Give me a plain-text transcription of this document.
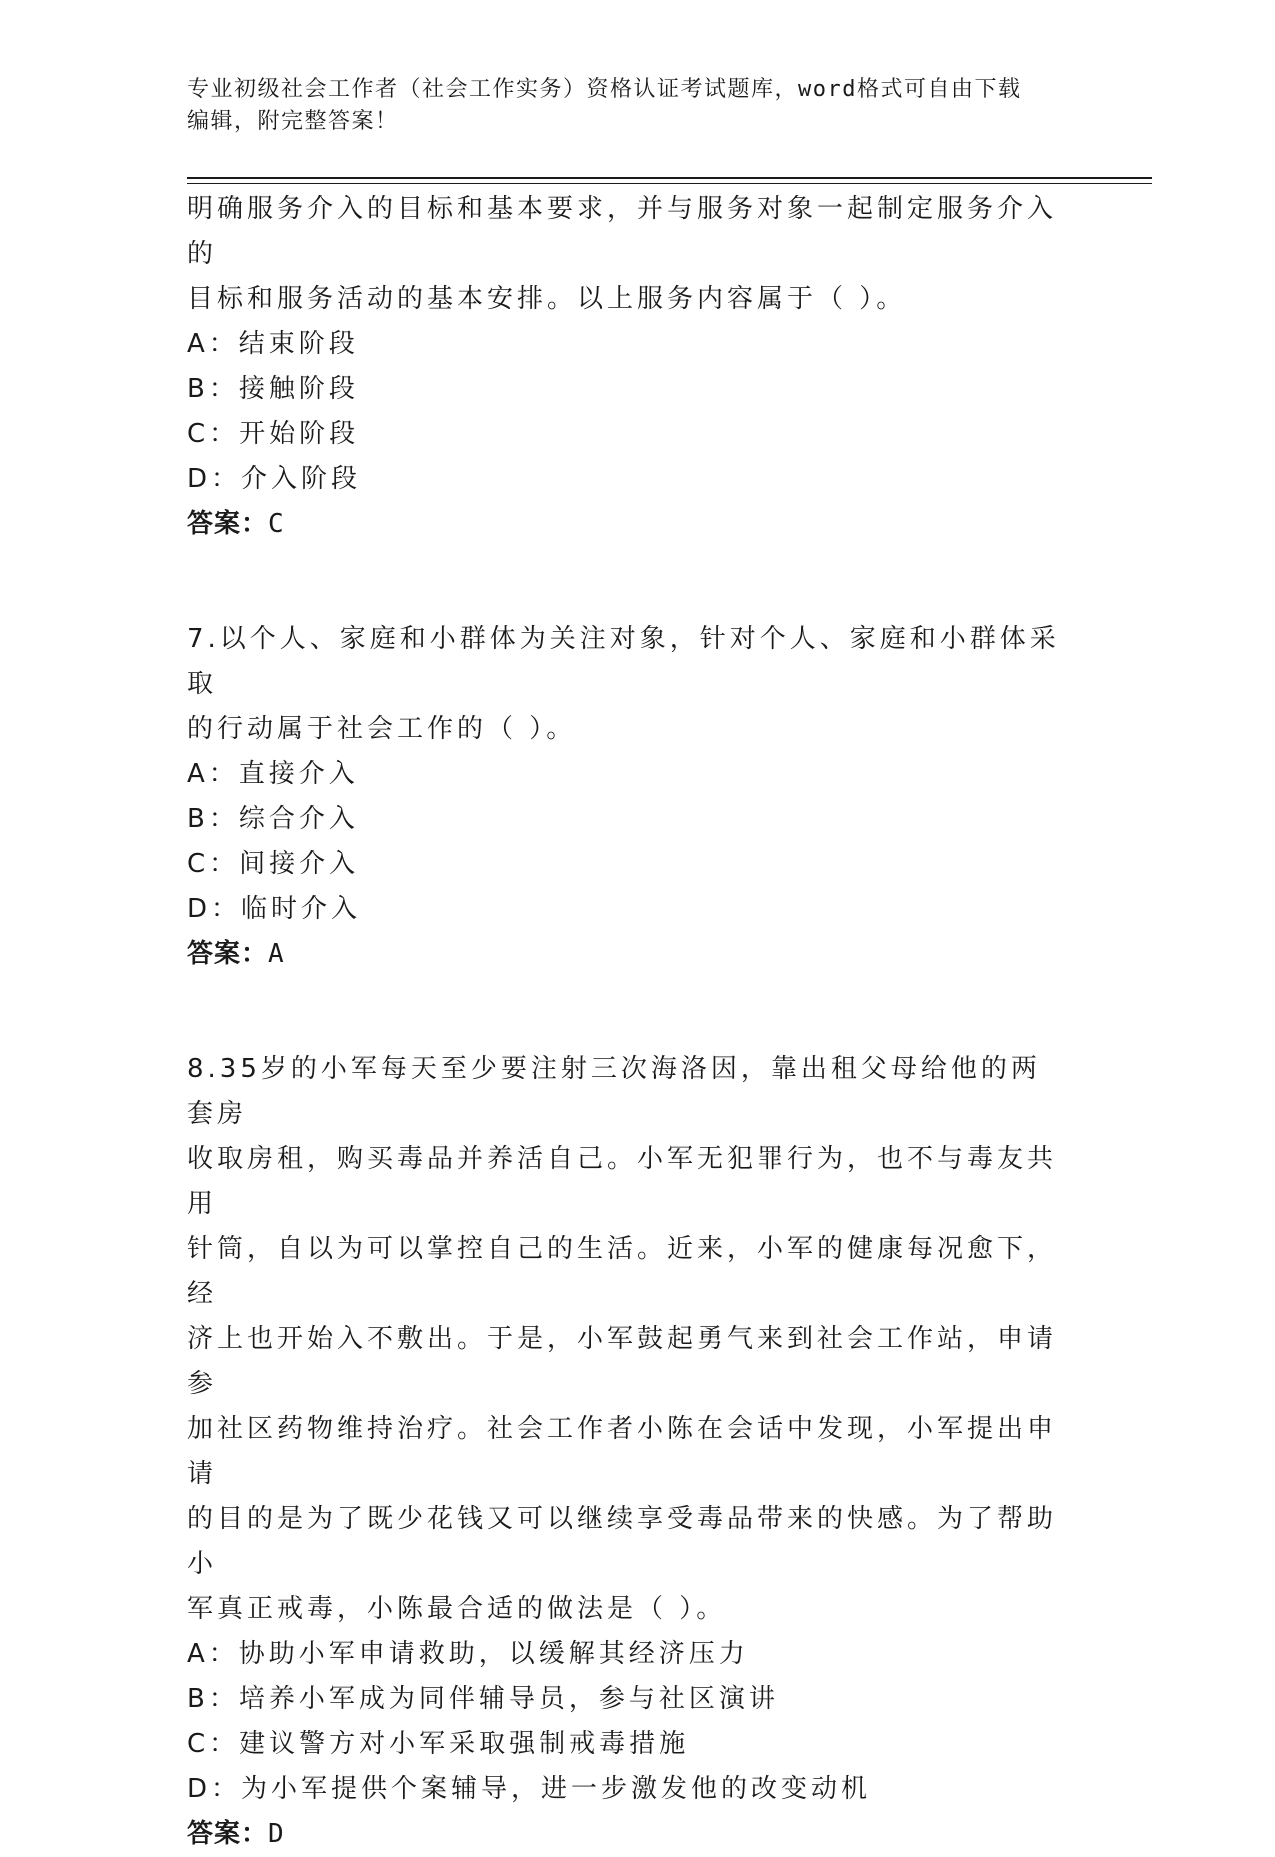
专业初级社会工作者（社会工作实务）资格认证考试题库，word格式可自由下载
编辑，附完整答案！

明确服务介入的目标和基本要求，并与服务对象一起制定服务介入的

目标和服务活动的基本安排。以上服务内容属于（ ）。

A：结束阶段

B：接触阶段

C：开始阶段

D：介入阶段

答案：C

7.以个人、家庭和小群体为关注对象，针对个人、家庭和小群体采取

的行动属于社会工作的（ ）。

A：直接介入

B：综合介入

C：间接介入

D：临时介入

答案：A

8.35岁的小军每天至少要注射三次海洛因，靠出租父母给他的两套房

收取房租，购买毒品并养活自己。小军无犯罪行为，也不与毒友共用

针筒，自以为可以掌控自己的生活。近来，小军的健康每况愈下，经

济上也开始入不敷出。于是，小军鼓起勇气来到社会工作站，申请参

加社区药物维持治疗。社会工作者小陈在会话中发现，小军提出申请

的目的是为了既少花钱又可以继续享受毒品带来的快感。为了帮助小

军真正戒毒，小陈最合适的做法是（ ）。

A：协助小军申请救助，以缓解其经济压力

B：培养小军成为同伴辅导员，参与社区演讲

C：建议警方对小军采取强制戒毒措施

D：为小军提供个案辅导，进一步激发他的改变动机

答案：D
